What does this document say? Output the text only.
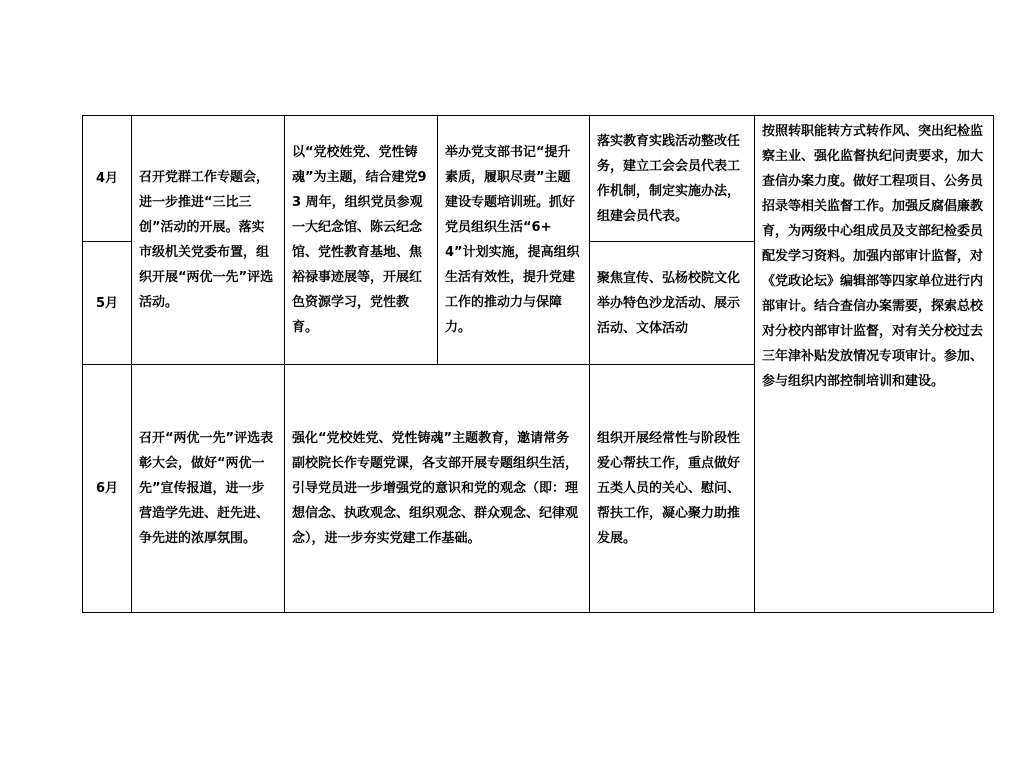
4月	召开党群工作专题会，进一步推进“三比三创”活动的开展。落实市级机关党委布置，组织开展“两优一先”评选活动。	以“党校姓党、党性铸魂”为主题，结合建党93 周年，组织党员参观一大纪念馆、陈云纪念馆、党性教育基地、焦裕禄事迹展等，开展红色资源学习，党性教育。	举办党支部书记“提升素质，履职尽责”主题建设专题培训班。抓好党员组织生活“6+4”计划实施，提高组织生活有效性，提升党建工作的推动力与保障力。	落实教育实践活动整改任务，建立工会会员代表工作机制，制定实施办法，组建会员代表。	按照转职能转方式转作风、突出纪检监察主业、强化监督执纪问责要求，加大查信办案力度。做好工程项目、公务员招录等相关监督工作。加强反腐倡廉教育，为两级中心组成员及支部纪检委员配发学习资料。加强内部审计监督，对《党政论坛》编辑部等四家单位进行内部审计。结合查信办案需要，探索总校对分校内部审计监督，对有关分校过去三年津补贴发放情况专项审计。参加、参与组织内部控制培训和建设。
5月				聚焦宣传、弘杨校院文化举办特色沙龙活动、展示活动、文体活动	
6月	召开“两优一先”评选表彰大会，做好“两优一先”宣传报道，进一步营造学先进、赶先进、争先进的浓厚氛围。	强化“党校姓党、党性铸魂”主题教育，邀请常务副校院长作专题党课，各支部开展专题组织生活，引导党员进一步增强党的意识和党的观念（即：理想信念、执政观念、组织观念、群众观念、纪律观念），进一步夯实党建工作基础。		组织开展经常性与阶段性爱心帮扶工作，重点做好五类人员的关心、慰问、帮扶工作，凝心聚力助推发展。	
